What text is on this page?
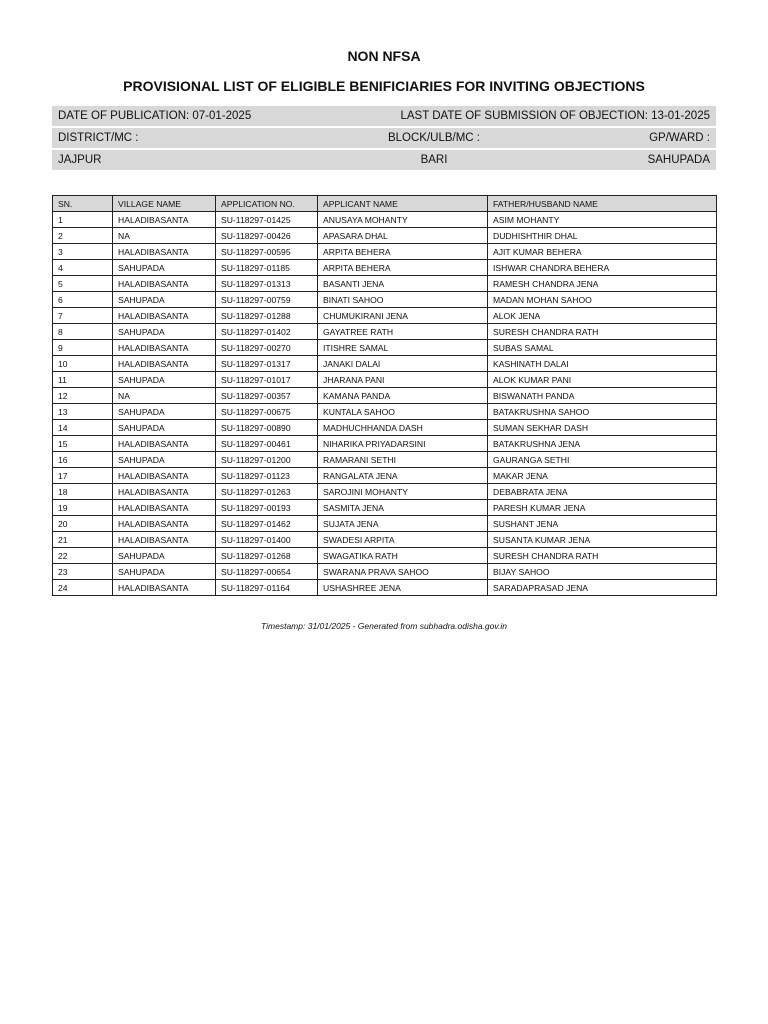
NON NFSA
PROVISIONAL LIST OF ELIGIBLE BENIFICIARIES FOR INVITING OBJECTIONS
DATE OF PUBLICATION: 07-01-2025	LAST DATE OF SUBMISSION OF OBJECTION: 13-01-2025
DISTRICT/MC :	BLOCK/ULB/MC :	GP/WARD :
JAJPUR	BARI	SAHUPADA
SN.	VILLAGE NAME	APPLICATION NO.	APPLICANT NAME	FATHER/HUSBAND NAME
1	HALADIBASANTA	SU-118297-01425	ANUSAYA MOHANTY	ASIM MOHANTY
2	NA	SU-118297-00426	APASARA DHAL	DUDHISHTHIR DHAL
3	HALADIBASANTA	SU-118297-00595	ARPITA BEHERA	AJIT KUMAR BEHERA
4	SAHUPADA	SU-118297-01185	ARPITA BEHERA	ISHWAR CHANDRA BEHERA
5	HALADIBASANTA	SU-118297-01313	BASANTI JENA	RAMESH CHANDRA JENA
6	SAHUPADA	SU-118297-00759	BINATI SAHOO	MADAN MOHAN SAHOO
7	HALADIBASANTA	SU-118297-01288	CHUMUKIRANI JENA	ALOK JENA
8	SAHUPADA	SU-118297-01402	GAYATREE RATH	SURESH CHANDRA RATH
9	HALADIBASANTA	SU-118297-00270	ITISHRE SAMAL	SUBAS SAMAL
10	HALADIBASANTA	SU-118297-01317	JANAKI DALAI	KASHINATH DALAI
11	SAHUPADA	SU-118297-01017	JHARANA PANI	ALOK KUMAR PANI
12	NA	SU-118297-00357	KAMANA PANDA	BISWANATH PANDA
13	SAHUPADA	SU-118297-00675	KUNTALA SAHOO	BATAKRUSHNA SAHOO
14	SAHUPADA	SU-118297-00890	MADHUCHHANDA DASH	SUMAN SEKHAR DASH
15	HALADIBASANTA	SU-118297-00461	NIHARIKA PRIYADARSINI	BATAKRUSHNA JENA
16	SAHUPADA	SU-118297-01200	RAMARANI SETHI	GAURANGA SETHI
17	HALADIBASANTA	SU-118297-01123	RANGALATA JENA	MAKAR JENA
18	HALADIBASANTA	SU-118297-01263	SAROJINI MOHANTY	DEBABRATA JENA
19	HALADIBASANTA	SU-118297-00193	SASMITA JENA	PARESH KUMAR JENA
20	HALADIBASANTA	SU-118297-01462	SUJATA JENA	SUSHANT JENA
21	HALADIBASANTA	SU-118297-01400	SWADESI ARPITA	SUSANTA KUMAR JENA
22	SAHUPADA	SU-118297-01268	SWAGATIKA RATH	SURESH CHANDRA RATH
23	SAHUPADA	SU-118297-00654	SWARANA PRAVA SAHOO	BIJAY SAHOO
24	HALADIBASANTA	SU-118297-01164	USHASHREE JENA	SARADAPRASAD JENA
Timestamp: 31/01/2025 - Generated from subhadra.odisha.gov.in
